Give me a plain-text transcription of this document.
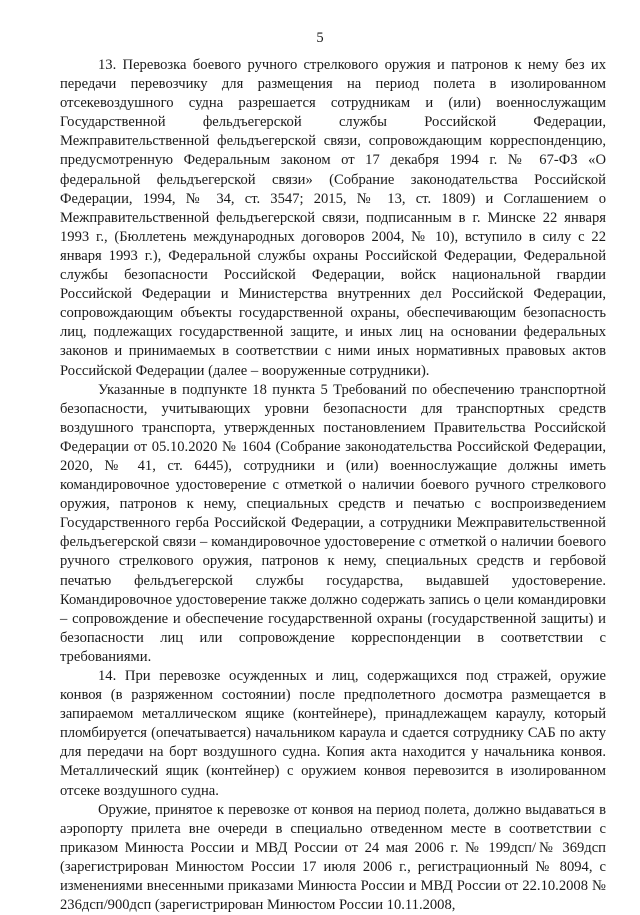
5

13. Перевозка боевого ручного стрелкового оружия и патронов к нему без их передачи перевозчику для размещения на период полета в изолированном отсекевоздушного судна разрешается сотрудникам и (или) военнослужащим Государственной фельдъегерской службы Российской Федерации, Межправительственной фельдъегерской связи, сопровождающим корреспонденцию, предусмотренную Федеральным законом от 17 декабря 1994 г. № 67-ФЗ «О федеральной фельдъегерской связи» (Собрание законодательства Российской Федерации, 1994, № 34, ст. 3547; 2015, № 13, ст. 1809) и Соглашением о Межправительственной фельдъегерской связи, подписанным в г. Минске 22 января 1993 г., (Бюллетень международных договоров 2004, № 10), вступило в силу с 22 января 1993 г.), Федеральной службы охраны Российской Федерации, Федеральной службы безопасности Российской Федерации, войск национальной гвардии Российской Федерации и Министерства внутренних дел Российской Федерации, сопровождающим объекты государственной охраны, обеспечивающим безопасность лиц, подлежащих государственной защите, и иных лиц на основании федеральных законов и принимаемых в соответствии с ними иных нормативных правовых актов Российской Федерации (далее – вооруженные сотрудники).

Указанные в подпункте 18 пункта 5 Требований по обеспечению транспортной безопасности, учитывающих уровни безопасности для транспортных средств воздушного транспорта, утвержденных постановлением Правительства Российской Федерации от 05.10.2020 № 1604 (Собрание законодательства Российской Федерации, 2020, № 41, ст. 6445), сотрудники и (или) военнослужащие должны иметь командировочное удостоверение с отметкой о наличии боевого ручного стрелкового оружия, патронов к нему, специальных средств и печатью с воспроизведением Государственного герба Российской Федерации, а сотрудники Межправительственной фельдъегерской связи – командировочное удостоверение с отметкой о наличии боевого ручного стрелкового оружия, патронов к нему, специальных средств и гербовой печатью фельдъегерской службы государства, выдавшей удостоверение. Командировочное удостоверение также должно содержать запись о цели командировки – сопровождение и обеспечение государственной охраны (государственной защиты) и безопасности лиц или сопровождение корреспонденции в соответствии с требованиями.

14. При перевозке осужденных и лиц, содержащихся под стражей, оружие конвоя (в разряженном состоянии) после предполетного досмотра размещается в запираемом металлическом ящике (контейнере), принадлежащем караулу, который пломбируется (опечатывается) начальником караула и сдается сотруднику САБ по акту для передачи на борт воздушного судна. Копия акта находится у начальника конвоя. Металлический ящик (контейнер) с оружием конвоя перевозится в изолированном отсеке воздушного судна.

Оружие, принятое к перевозке от конвоя на период полета, должно выдаваться в аэропорту прилета вне очереди в специально отведенном месте в соответствии с приказом Минюста России и МВД России от 24 мая 2006 г. № 199дсп/№ 369дсп (зарегистрирован Минюстом России 17 июля 2006 г., регистрационный № 8094, с изменениями внесенными приказами Минюста России и МВД России от 22.10.2008 № 236дсп/900дсп (зарегистрирован Минюстом России 10.11.2008,
